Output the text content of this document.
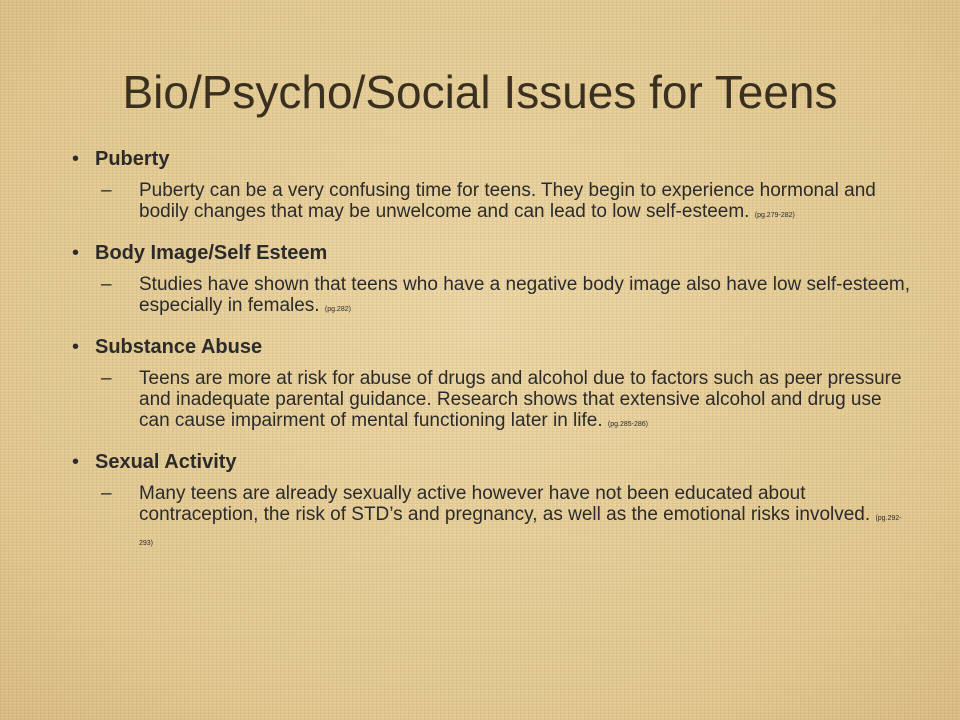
Bio/Psycho/Social Issues for Teens
• Puberty
– Puberty can be a very confusing time for teens. They begin to experience hormonal and bodily changes that may be unwelcome and can lead to low self-esteem. (pg.279-282)
• Body Image/Self Esteem
– Studies have shown that teens who have a negative body image also have low self-esteem, especially in females. (pg.282)
• Substance Abuse
– Teens are more at risk for abuse of drugs and alcohol due to factors such as peer pressure and inadequate parental guidance. Research shows that extensive alcohol and drug use can cause impairment of mental functioning later in life. (pg.285-286)
• Sexual Activity
– Many teens are already sexually active however have not been educated about contraception, the risk of STD’s and pregnancy, as well as the emotional risks involved. (pg.292-293)
